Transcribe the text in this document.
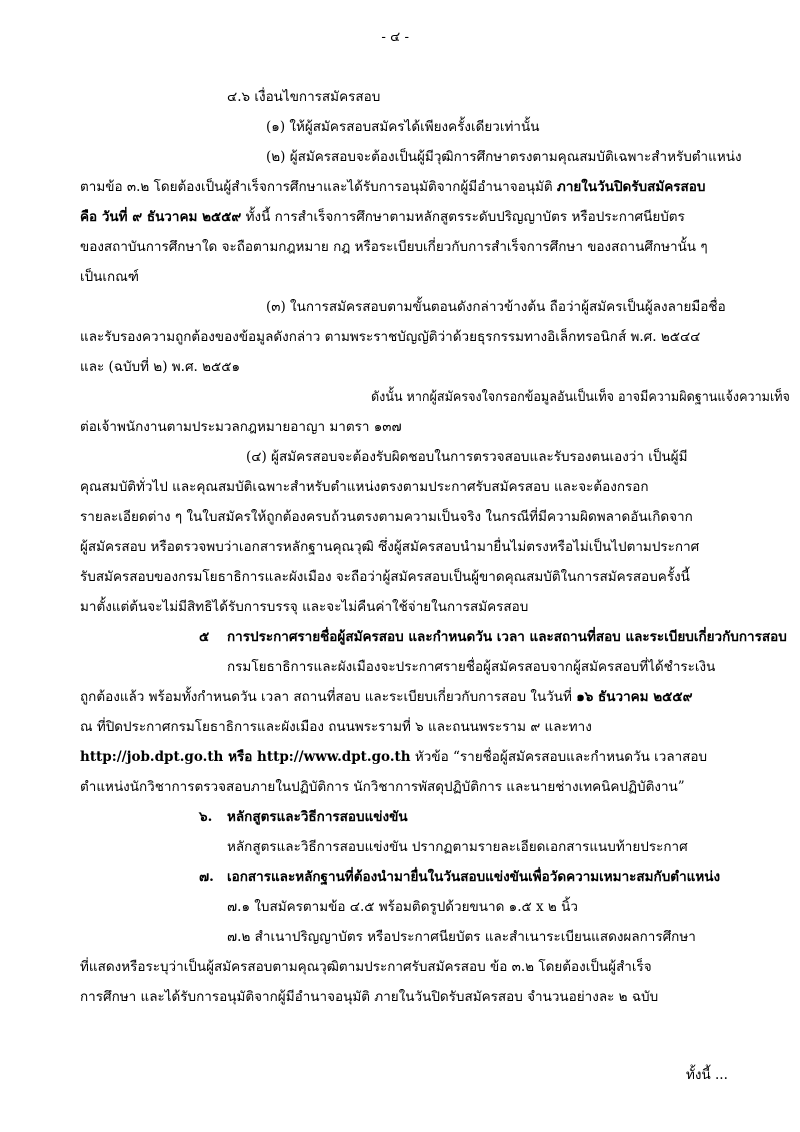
- ๔ -
๔.๖ เงื่อนไขการสมัครสอบ
(๑) ให้ผู้สมัครสอบสมัครได้เพียงครั้งเดียวเท่านั้น
(๒) ผู้สมัครสอบจะต้องเป็นผู้มีวุฒิการศึกษาตรงตามคุณสมบัติเฉพาะสำหรับตำแหน่ง
ตามข้อ ๓.๒ โดยต้องเป็นผู้สำเร็จการศึกษาและได้รับการอนุมัติจากผู้มีอำนาจอนุมัติ ภายในวันปิดรับสมัครสอบ
คือ วันที่ ๙ ธันวาคม ๒๕๕๙ ทั้งนี้ การสำเร็จการศึกษาตามหลักสูตรระดับปริญญาบัตร หรือประกาศนียบัตร
ของสถาบันการศึกษาใด จะถือตามกฎหมาย กฎ หรือระเบียบเกี่ยวกับการสำเร็จการศึกษา ของสถานศึกษานั้น ๆ
เป็นเกณฑ์
(๓) ในการสมัครสอบตามขั้นตอนดังกล่าวข้างต้น ถือว่าผู้สมัครเป็นผู้ลงลายมือชื่อ
และรับรองความถูกต้องของข้อมูลดังกล่าว ตามพระราชบัญญัติว่าด้วยธุรกรรมทางอิเล็กทรอนิกส์ พ.ศ. ๒๕๔๔
และ (ฉบับที่ ๒) พ.ศ. ๒๕๕๑
ดังนั้น หากผู้สมัครจงใจกรอกข้อมูลอันเป็นเท็จ อาจมีความผิดฐานแจ้งความเท็จ
ต่อเจ้าพนักงานตามประมวลกฎหมายอาญา มาตรา ๑๓๗
(๔) ผู้สมัครสอบจะต้องรับผิดชอบในการตรวจสอบและรับรองตนเองว่า เป็นผู้มี
คุณสมบัติทั่วไป และคุณสมบัติเฉพาะสำหรับตำแหน่งตรงตามประกาศรับสมัครสอบ และจะต้องกรอก
รายละเอียดต่าง ๆ ในใบสมัครให้ถูกต้องครบถ้วนตรงตามความเป็นจริง ในกรณีที่มีความผิดพลาดอันเกิดจาก
ผู้สมัครสอบ หรือตรวจพบว่าเอกสารหลักฐานคุณวุฒิ ซึ่งผู้สมัครสอบนำมายื่นไม่ตรงหรือไม่เป็นไปตามประกาศ
รับสมัครสอบของกรมโยธาธิการและผังเมือง จะถือว่าผู้สมัครสอบเป็นผู้ขาดคุณสมบัติในการสมัครสอบครั้งนี้
มาตั้งแต่ต้นจะไม่มีสิทธิได้รับการบรรจุ และจะไม่คืนค่าใช้จ่ายในการสมัครสอบ
๕ การประกาศรายชื่อผู้สมัครสอบ และกำหนดวัน เวลา และสถานที่สอบ และระเบียบเกี่ยวกับการสอบ
กรมโยธาธิการและผังเมืองจะประกาศรายชื่อผู้สมัครสอบจากผู้สมัครสอบที่ได้ชำระเงิน
ถูกต้องแล้ว พร้อมทั้งกำหนดวัน เวลา สถานที่สอบ และระเบียบเกี่ยวกับการสอบ ในวันที่ ๑๖ ธันวาคม ๒๕๕๙
ณ ที่ปิดประกาศกรมโยธาธิการและผังเมือง ถนนพระรามที่ ๖ และถนนพระราม ๙ และทาง
http://job.dpt.go.th หรือ http://www.dpt.go.th หัวข้อ “รายชื่อผู้สมัครสอบและกำหนดวัน เวลาสอบ
ตำแหน่งนักวิชาการตรวจสอบภายในปฏิบัติการ นักวิชาการพัสดุปฏิบัติการ และนายช่างเทคนิคปฏิบัติงาน”
๖. หลักสูตรและวิธีการสอบแข่งขัน
หลักสูตรและวิธีการสอบแข่งขัน ปรากฏตามรายละเอียดเอกสารแนบท้ายประกาศ
๗. เอกสารและหลักฐานที่ต้องนำมายื่นในวันสอบแข่งขันเพื่อวัดความเหมาะสมกับตำแหน่ง
๗.๑ ใบสมัครตามข้อ ๔.๕ พร้อมติดรูปด้วยขนาด ๑.๕ x ๒ นิ้ว
๗.๒ สำเนาปริญญาบัตร หรือประกาศนียบัตร และสำเนาระเบียนแสดงผลการศึกษา
ที่แสดงหรือระบุว่าเป็นผู้สมัครสอบตามคุณวุฒิตามประกาศรับสมัครสอบ ข้อ ๓.๒ โดยต้องเป็นผู้สำเร็จ
การศึกษา และได้รับการอนุมัติจากผู้มีอำนาจอนุมัติ ภายในวันปิดรับสมัครสอบ จำนวนอย่างละ ๒ ฉบับ
ทั้งนี้ ...
